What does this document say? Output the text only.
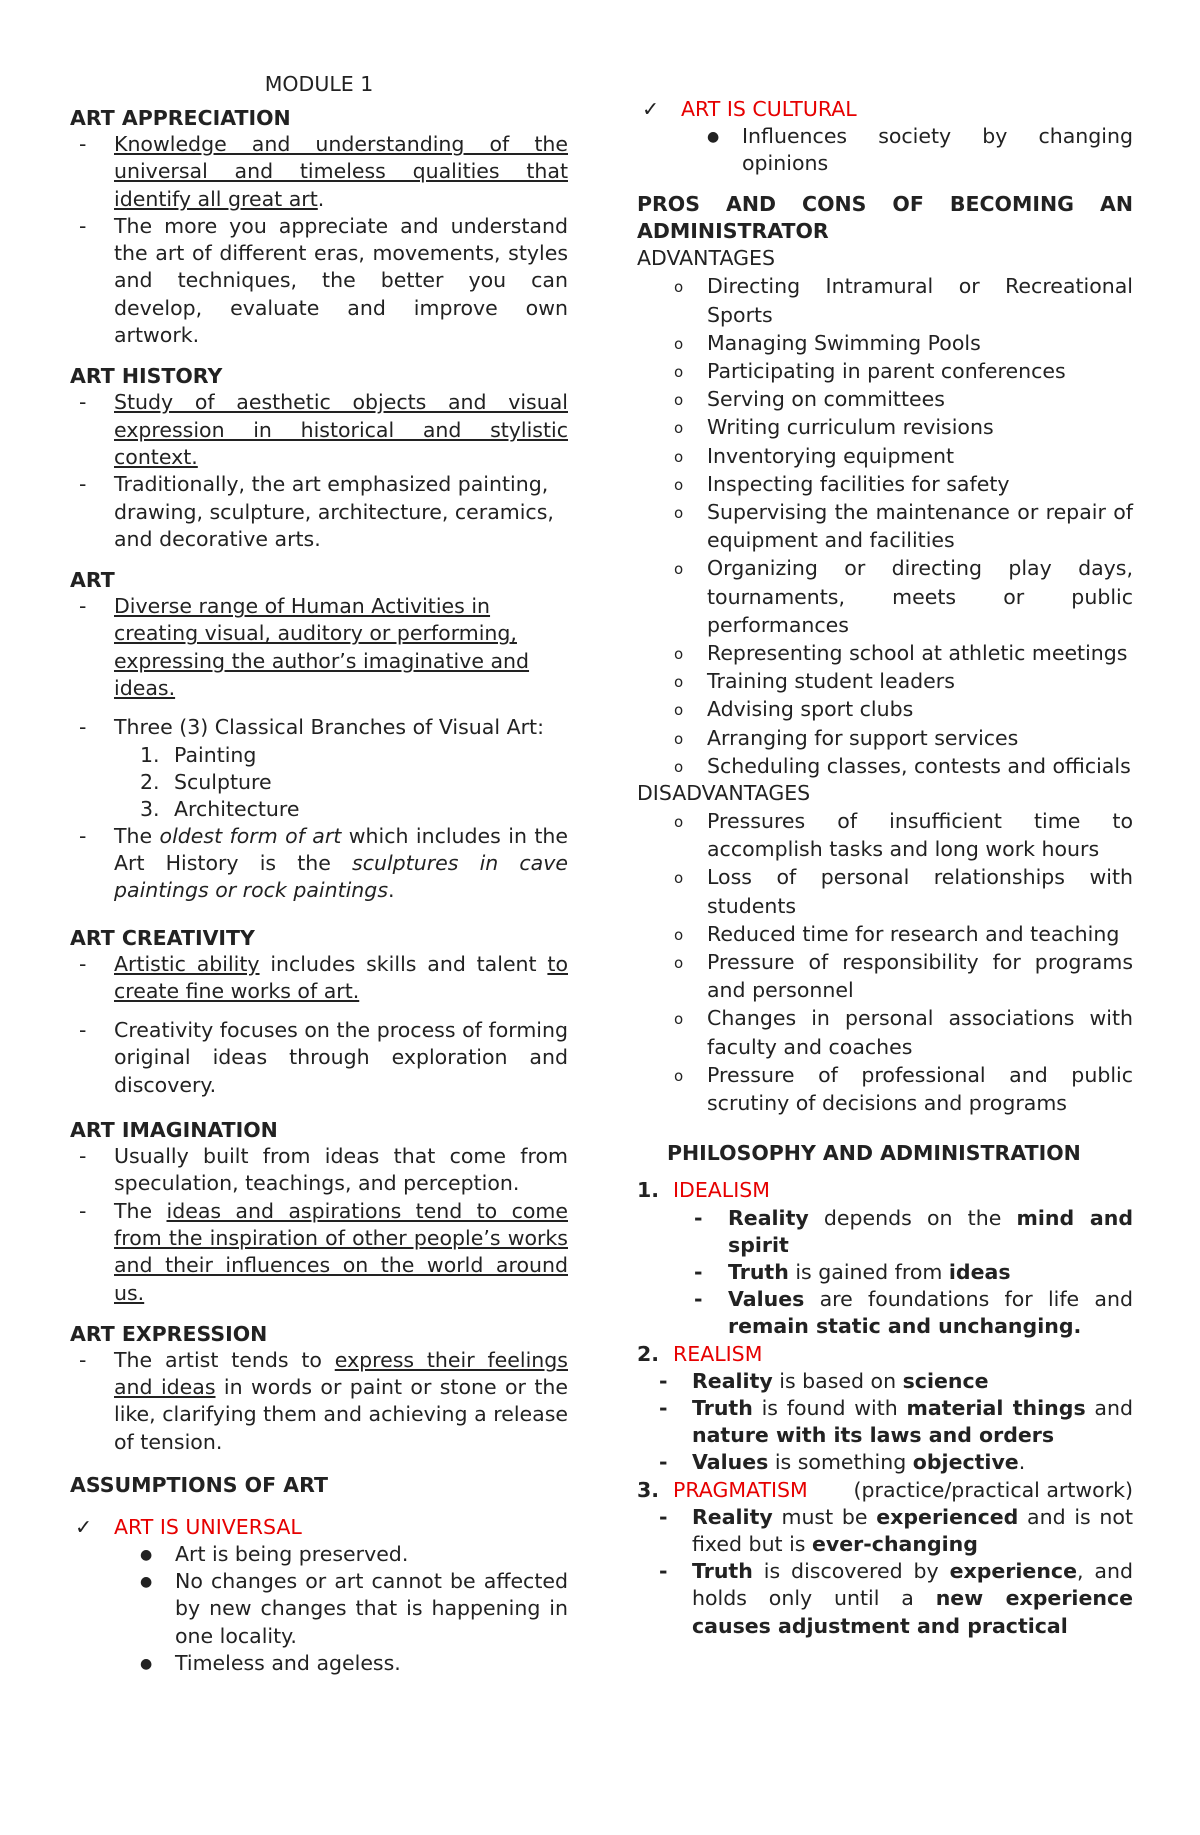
MODULE 1

ART APPRECIATION

- Knowledge and understanding of the universal and timeless qualities that identify all great art.
- The more you appreciate and understand the art of different eras, movements, styles and techniques, the better you can develop, evaluate and improve own artwork.

ART HISTORY

- Study of aesthetic objects and visual expression in historical and stylistic context.
- Traditionally, the art emphasized painting, drawing, sculpture, architecture, ceramics, and decorative arts.

ART

- Diverse range of Human Activities in creating visual, auditory or performing, expressing the author’s imaginative and ideas.
- Three (3) Classical Branches of Visual Art:
1. Painting
2. Sculpture
3. Architecture
- The oldest form of art which includes in the Art History is the sculptures in cave paintings or rock paintings.

ART CREATIVITY

- Artistic ability includes skills and talent to create fine works of art.
- Creativity focuses on the process of forming original ideas through exploration and discovery.

ART IMAGINATION

- Usually built from ideas that come from speculation, teachings, and perception.
- The ideas and aspirations tend to come from the inspiration of other people’s works and their influences on the world around us.

ART EXPRESSION

- The artist tends to express their feelings and ideas in words or paint or stone or the like, clarifying them and achieving a release of tension.

ASSUMPTIONS OF ART

✓ ART IS UNIVERSAL
● Art is being preserved.
● No changes or art cannot be affected by new changes that is happening in one locality.
● Timeless and ageless.
✓ ART IS CULTURAL
● Influences society by changing opinions

PROS AND CONS OF BECOMING AN ADMINISTRATOR

ADVANTAGES

o Directing Intramural or Recreational Sports
o Managing Swimming Pools
o Participating in parent conferences
o Serving on committees
o Writing curriculum revisions
o Inventorying equipment
o Inspecting facilities for safety
o Supervising the maintenance or repair of equipment and facilities
o Organizing or directing play days, tournaments, meets or public performances
o Representing school at athletic meetings
o Training student leaders
o Advising sport clubs
o Arranging for support services
o Scheduling classes, contests and officials

DISADVANTAGES

o Pressures of insufficient time to accomplish tasks and long work hours
o Loss of personal relationships with students
o Reduced time for research and teaching
o Pressure of responsibility for programs and personnel
o Changes in personal associations with faculty and coaches
o Pressure of professional and public scrutiny of decisions and programs

PHILOSOPHY AND ADMINISTRATION

1. IDEALISM
- Reality depends on the mind and spirit
- Truth is gained from ideas
- Values are foundations for life and remain static and unchanging.
2. REALISM
- Reality is based on science
- Truth is found with material things and nature with its laws and orders
- Values is something objective.
3. PRAGMATISM (practice/practical artwork)
- Reality must be experienced and is not fixed but is ever-changing
- Truth is discovered by experience, and holds only until a new experience causes adjustment and practical
